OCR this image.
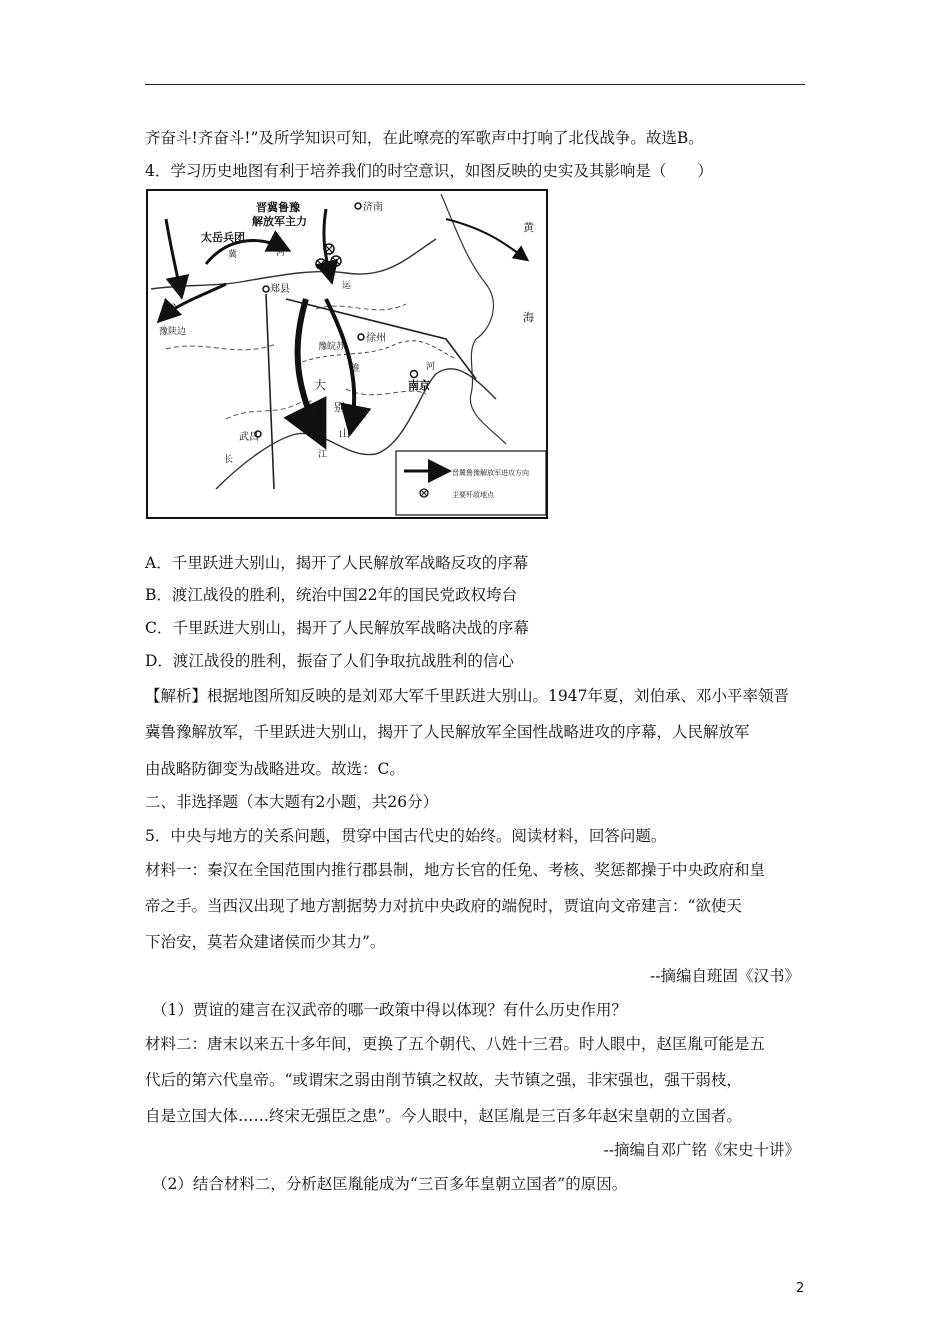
齐奋斗!齐奋斗!”及所学知识可知，在此嘹亮的军歌声中打响了北伐战争。故选B。
4．学习历史地图有利于培养我们的时空意识，如图反映的史实及其影响是（　　）
晋冀鲁豫
解放军主力
太岳兵团
济南
黄
海
运
河
郑县
徐州
豫陕边
豫皖苏
淮
南京
大
别
山
鄂
豫	皖
武昌
江
长
河
豫
冀
晋冀鲁豫解放军进攻方向
主要歼敌地点
A．千里跃进大别山，揭开了人民解放军战略反攻的序幕
B．渡江战役的胜利，统治中国22年的国民党政权垮台
C．千里跃进大别山，揭开了人民解放军战略决战的序幕
D．渡江战役的胜利，振奋了人们争取抗战胜利的信心
【解析】根据地图所知反映的是刘邓大军千里跃进大别山。1947年夏，刘伯承、邓小平率领晋
冀鲁豫解放军，千里跃进大别山，揭开了人民解放军全国性战略进攻的序幕，人民解放军
由战略防御变为战略进攻。故选：C。
二、非选择题（本大题有2小题，共26分）
5．中央与地方的关系问题，贯穿中国古代史的始终。阅读材料，回答问题。
材料一：秦汉在全国范围内推行郡县制，地方长官的任免、考核、奖惩都操于中央政府和皇
帝之手。当西汉出现了地方割据势力对抗中央政府的端倪时，贾谊向文帝建言：“欲使天
下治安，莫若众建诸侯而少其力”。
--摘编自班固《汉书》
（1）贾谊的建言在汉武帝的哪一政策中得以体现？有什么历史作用？
材料二：唐末以来五十多年间，更换了五个朝代、八姓十三君。时人眼中，赵匡胤可能是五
代后的第六代皇帝。“或谓宋之弱由削节镇之权故，夫节镇之强，非宋强也，强干弱枝，
自是立国大体……终宋无强臣之患”。今人眼中，赵匡胤是三百多年赵宋皇朝的立国者。
--摘编自邓广铭《宋史十讲》
（2）结合材料二，分析赵匡胤能成为“三百多年皇朝立国者”的原因。
2
